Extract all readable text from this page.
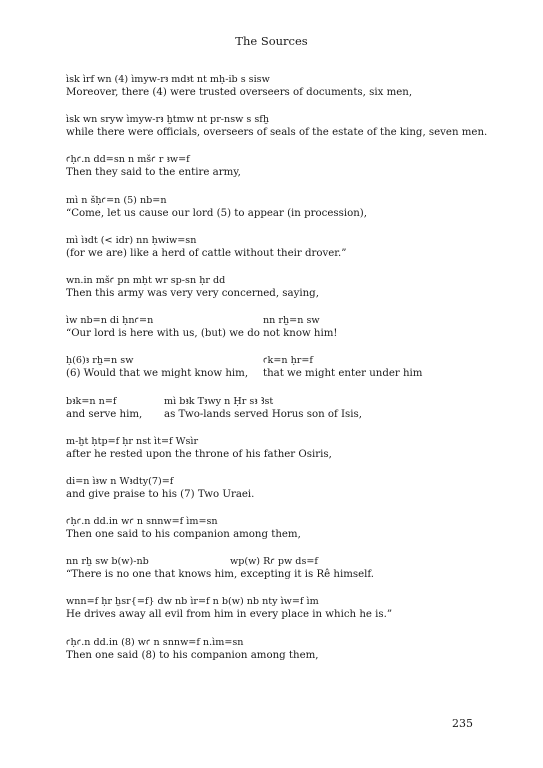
The Sources
ìsk ìrf wn (4) ìmyw-rꜣ mdꜣt nt mḥ-ib s sisw
Moreover, there (4) were trusted overseers of documents, six men,
ìsk wn sryw ìmyw-rꜣ ḫtmw nt pr-nsw s sfḫ
while there were officials, overseers of seals of the estate of the king, seven men.
ꜥḥꜥ.n dd=sn n mšꜥ r ꜣw=f
Then they said to the entire army,
mì n šḥꜥ=n (5) nb=n
“Come, let us cause our lord (5) to appear (in procession),
mì ìꜣdt (< idr) nn ḥwiw=sn
(for we are) like a herd of cattle without their drover.”
wn.in mšꜥ pn mḥt wr sp-sn ḥr dd
Then this army was very very concerned, saying,
ìw nb=n di ḥnꜥ=n	nn rḫ=n sw
“Our lord is here with us, (but) we do not know him!
ḥ(6)ꜣ rḫ=n sw	ꜥk=n ḥr=f
(6) Would that we might know him,	that we might enter under him
bꜣk=n n=f	mì bꜣk Tꜣwy n Ḥr sꜣ Ꜣst
and serve him,	as Two-lands served Horus son of Isis,
m-ḫt ḥtp=f ḥr nst ìt=f Wsìr
after he rested upon the throne of his father Osiris,
di=n ìꜣw n Wꜣdty(7)=f
and give praise to his (7) Two Uraei.
ꜥḥꜥ.n dd.in wꜥ n snnw=f ìm=sn
Then one said to his companion among them,
nn rḫ sw b(w)-nb	wp(w) Rꜥ pw ds=f
“There is no one that knows him, excepting it is Rê himself.
wnn=f ḥr ḫsr{=f} dw nb ìr=f n b(w) nb nty ìw=f ìm
He drives away all evil from him in every place in which he is.”
ꜥḥꜥ.n dd.in (8) wꜥ n snnw=f n.ìm=sn
Then one said (8) to his companion among them,
235
